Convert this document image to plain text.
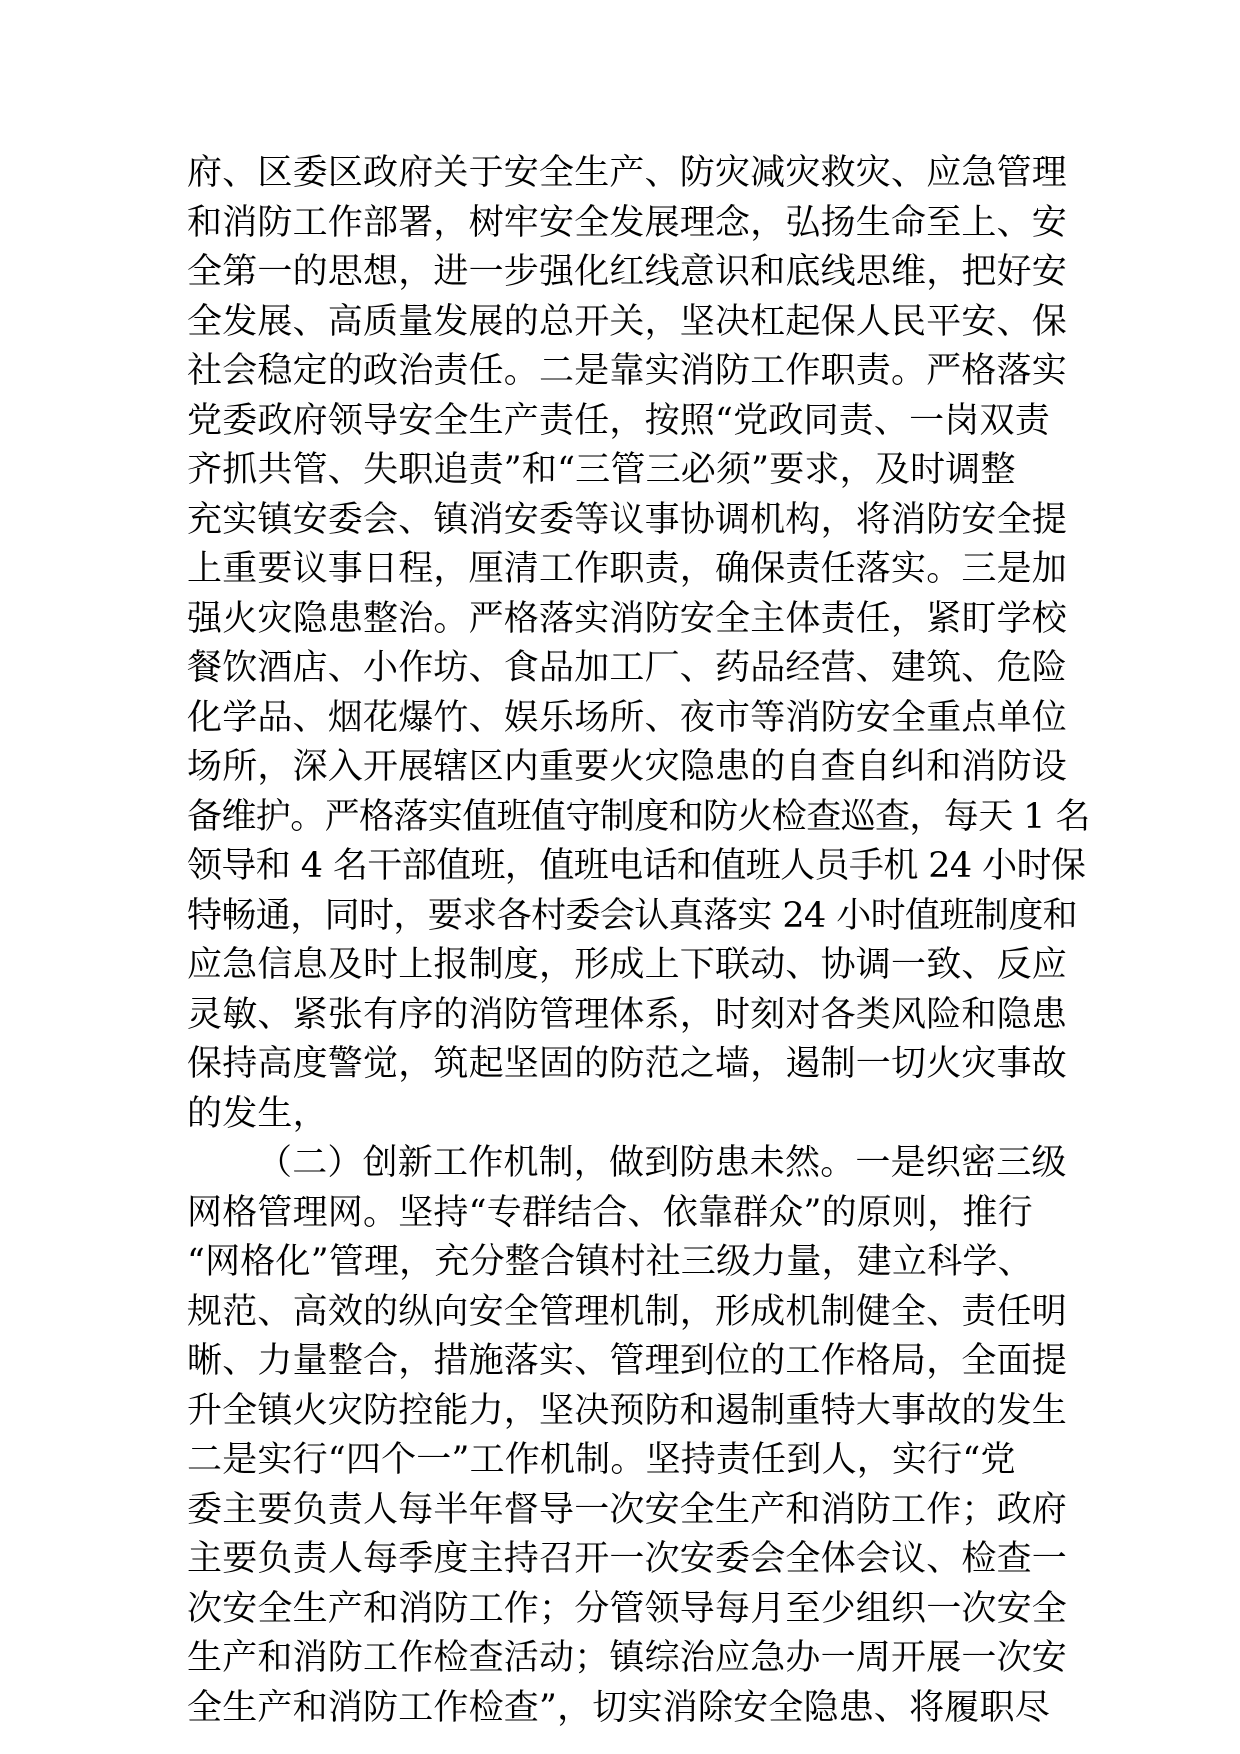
府、区委区政府关于安全生产、防灾减灾救灾、应急管理
和消防工作部署，树牢安全发展理念，弘扬生命至上、安
全第一的思想，进一步强化红线意识和底线思维，把好安
全发展、高质量发展的总开关，坚决杠起保人民平安、保
社会稳定的政治责任。二是靠实消防工作职责。严格落实
党委政府领导安全生产责任，按照“党政同责、一岗双责
齐抓共管、失职追责”和“三管三必须”要求，及时调整
充实镇安委会、镇消安委等议事协调机构，将消防安全提
上重要议事日程，厘清工作职责，确保责任落实。三是加
强火灾隐患整治。严格落实消防安全主体责任，紧盯学校
餐饮酒店、小作坊、食品加工厂、药品经营、建筑、危险
化学品、烟花爆竹、娱乐场所、夜市等消防安全重点单位
场所，深入开展辖区内重要火灾隐患的自查自纠和消防设
备维护。严格落实值班值守制度和防火检查巡查，每天 1 名
领导和 4 名干部值班，值班电话和值班人员手机 24 小时保
特畅通，同时，要求各村委会认真落实 24 小时值班制度和
应急信息及时上报制度，形成上下联动、协调一致、反应
灵敏、紧张有序的消防管理体系，时刻对各类风险和隐患
保持高度警觉，筑起坚固的防范之墙，遏制一切火灾事故
的发生，
（二）创新工作机制，做到防患未然。一是织密三级
网格管理网。坚持“专群结合、依靠群众”的原则，推行
“网格化”管理，充分整合镇村社三级力量，建立科学、
规范、高效的纵向安全管理机制，形成机制健全、责任明
晰、力量整合，措施落实、管理到位的工作格局，全面提
升全镇火灾防控能力，坚决预防和遏制重特大事故的发生
二是实行“四个一”工作机制。坚持责任到人，实行“党
委主要负责人每半年督导一次安全生产和消防工作；政府
主要负责人每季度主持召开一次安委会全体会议、检查一
次安全生产和消防工作；分管领导每月至少组织一次安全
生产和消防工作检查活动；镇综治应急办一周开展一次安
全生产和消防工作检查”，切实消除安全隐患、将履职尽
